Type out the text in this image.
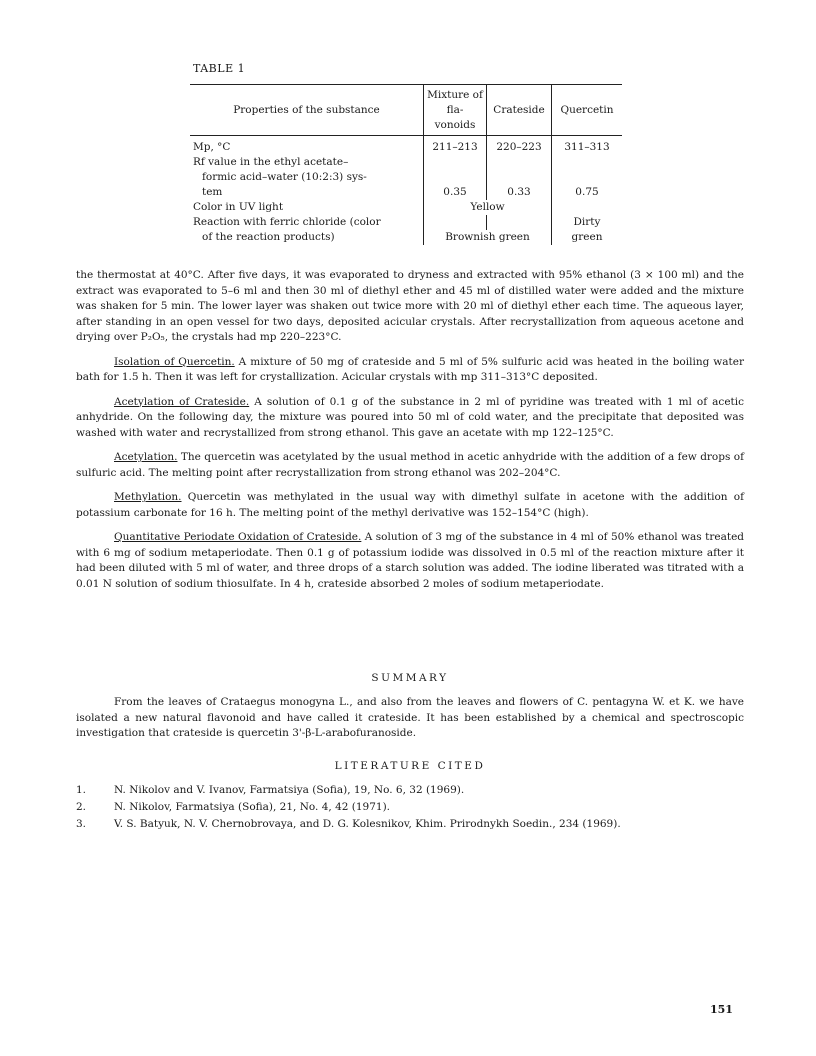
TABLE 1
Properties of the substance	Mixture of fla-vonoids	Crateside	Quercetin
Mp, °C	211–213	220–223	311–313
Rf value in the ethyl acetate–			
formic acid–water (10:2:3) sys-			
tem	0.35	0.33	0.75
Color in UV light	Yellow		
Reaction with ferric chloride (color			Dirty
of the reaction products)	Brownish green		green

the thermostat at 40°C. After five days, it was evaporated to dryness and extracted with 95% ethanol (3 × 100 ml) and the extract was evaporated to 5–6 ml and then 30 ml of diethyl ether and 45 ml of distilled water were added and the mixture was shaken for 5 min. The lower layer was shaken out twice more with 20 ml of diethyl ether each time. The aqueous layer, after standing in an open vessel for two days, deposited acicular crystals. After recrystallization from aqueous acetone and drying over P₂O₅, the crystals had mp 220–223°C.

Isolation of Quercetin. A mixture of 50 mg of crateside and 5 ml of 5% sulfuric acid was heated in the boiling water bath for 1.5 h. Then it was left for crystallization. Acicular crystals with mp 311–313°C deposited.

Acetylation of Crateside. A solution of 0.1 g of the substance in 2 ml of pyridine was treated with 1 ml of acetic anhydride. On the following day, the mixture was poured into 50 ml of cold water, and the precipitate that deposited was washed with water and recrystallized from strong ethanol. This gave an acetate with mp 122–125°C.

Acetylation. The quercetin was acetylated by the usual method in acetic anhydride with the addition of a few drops of sulfuric acid. The melting point after recrystallization from strong ethanol was 202–204°C.

Methylation. Quercetin was methylated in the usual way with dimethyl sulfate in acetone with the addition of potassium carbonate for 16 h. The melting point of the methyl derivative was 152–154°C (high).

Quantitative Periodate Oxidation of Crateside. A solution of 3 mg of the substance in 4 ml of 50% ethanol was treated with 6 mg of sodium metaperiodate. Then 0.1 g of potassium iodide was dissolved in 0.5 ml of the reaction mixture after it had been diluted with 5 ml of water, and three drops of a starch solution was added. The iodine liberated was titrated with a 0.01 N solution of sodium thiosulfate. In 4 h, crateside absorbed 2 moles of sodium metaperiodate.

SUMMARY

From the leaves of Crataegus monogyna L., and also from the leaves and flowers of C. pentagyna W. et K. we have isolated a new natural flavonoid and have called it crateside. It has been established by a chemical and spectroscopic investigation that crateside is quercetin 3'-β-L-arabofuranoside.

LITERATURE CITED
1.	N. Nikolov and V. Ivanov, Farmatsiya (Sofia), 19, No. 6, 32 (1969).
2.	N. Nikolov, Farmatsiya (Sofia), 21, No. 4, 42 (1971).
3.	V. S. Batyuk, N. V. Chernobrovaya, and D. G. Kolesnikov, Khim. Prirodnykh Soedin., 234 (1969).
151
